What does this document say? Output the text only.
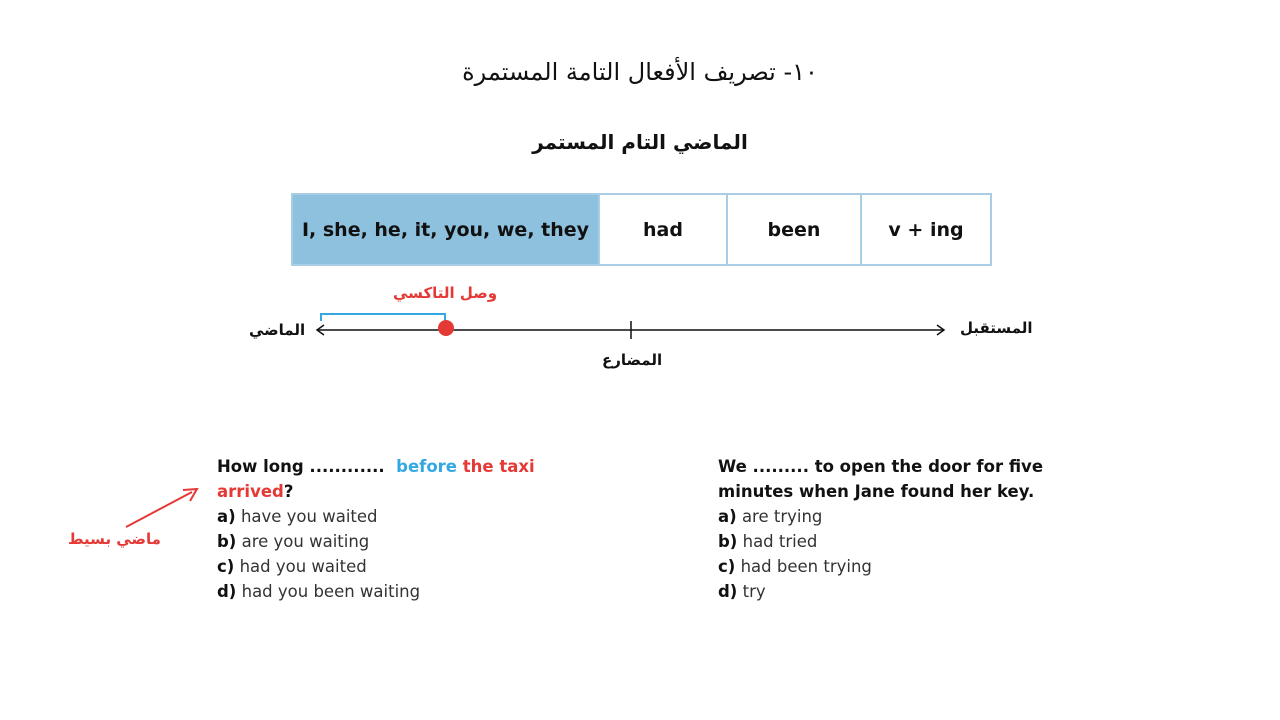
١٠- تصريف الأفعال التامة المستمرة
الماضي التام المستمر
I, she, he, it, you, we, they	had	been	v + ing
الماضي	المستقبل
المضارع
وصل التاكسي
How long ............ before the taxi
arrived?
a) have you waited
b) are you waiting
c) had you waited
d) had you been waiting
ماضي بسيط
We ......... to open the door for five
minutes when Jane found her key.
a) are trying
b) had tried
c) had been trying
d) try
